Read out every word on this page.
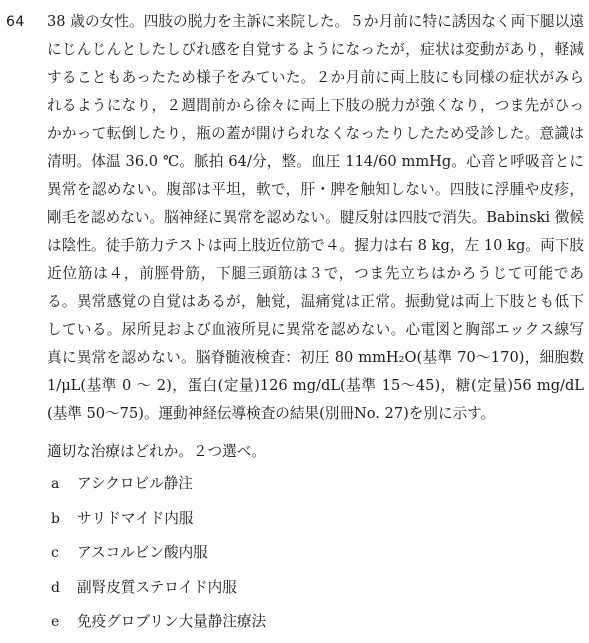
64 38 歳の女性。四肢の脱力を主訴に来院した。５か月前に特に誘因なく両下腿以遠にじんじんとしたしびれ感を自覚するようになったが，症状は変動があり，軽減することもあったため様子をみていた。２か月前に両上肢にも同様の症状がみられるようになり，２週間前から徐々に両上下肢の脱力が強くなり，つま先がひっかかって転倒したり，瓶の蓋が開けられなくなったりしたため受診した。意識は清明。体温 36.0 ℃。脈拍 64/分，整。血圧 114/60 mmHg。心音と呼吸音とに異常を認めない。腹部は平坦，軟で，肝・脾を触知しない。四肢に浮腫や皮疹，剛毛を認めない。脳神経に異常を認めない。腱反射は四肢で消失。Babinski 徴候は陰性。徒手筋力テストは両上肢近位筋で４。握力は右 8 kg，左 10 kg。両下肢近位筋は４，前脛骨筋，下腿三頭筋は３で，つま先立ちはかろうじて可能である。異常感覚の自覚はあるが，触覚，温痛覚は正常。振動覚は両上下肢とも低下している。尿所見および血液所見に異常を認めない。心電図と胸部エックス線写真に異常を認めない。脳脊髄液検査：初圧 80 mmH₂O(基準 70〜170)，細胞数 1/μL(基準 0 〜 2)，蛋白(定量)126 mg/dL(基準 15〜45)，糖(定量)56 mg/dL(基準 50〜75)。運動神経伝導検査の結果(別冊No. 27)を別に示す。

適切な治療はどれか。２つ選べ。
a アシクロビル静注
b サリドマイド内服
c アスコルビン酸内服
d 副腎皮質ステロイド内服
e 免疫グロブリン大量静注療法
